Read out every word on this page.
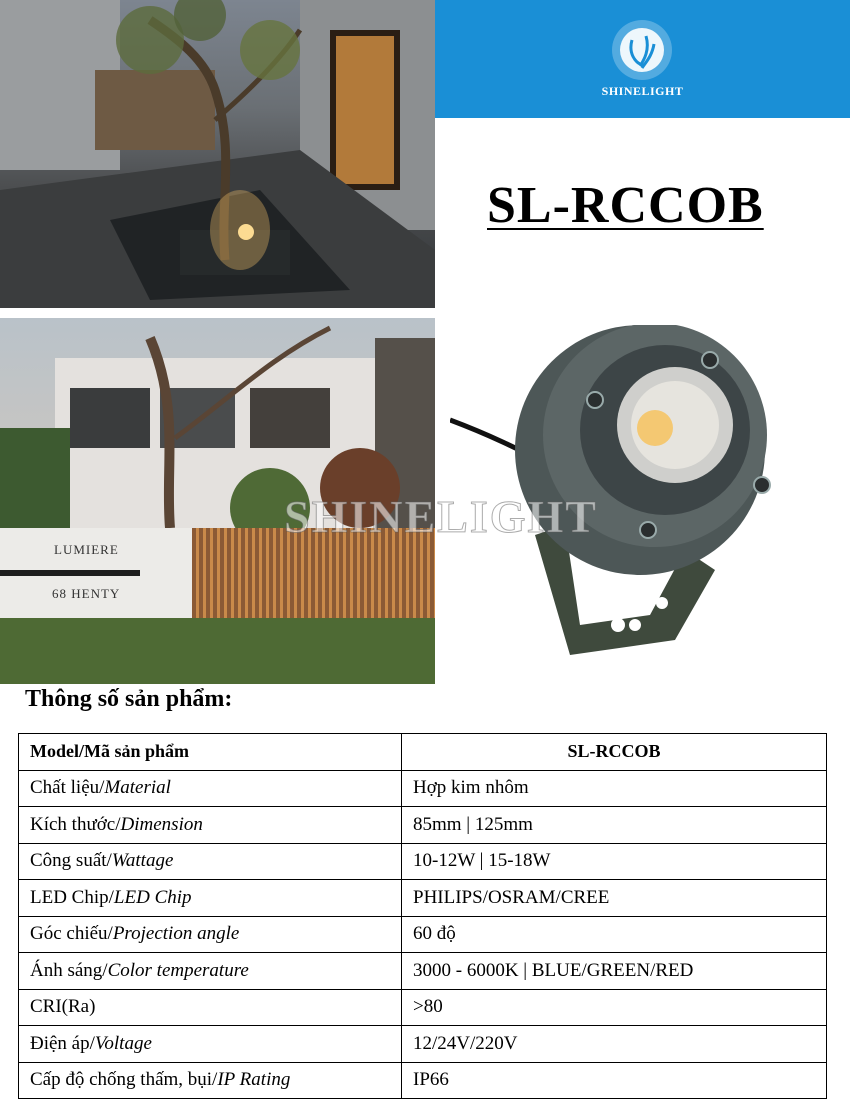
LUMIERE
68 HENTY
SHINELIGHT
SL-RCCOB
SHINELIGHT
Thông số sản phẩm:
Model/Mã sản phẩm	SL-RCCOB
Chất liệu/Material	Hợp kim nhôm
Kích thước/Dimension	85mm | 125mm
Công suất/Wattage	10-12W | 15-18W
LED Chip/LED Chip	PHILIPS/OSRAM/CREE
Góc chiếu/Projection angle	60 độ
Ánh sáng/Color temperature	3000 - 6000K | BLUE/GREEN/RED
CRI(Ra)	>80
Điện áp/Voltage	12/24V/220V
Cấp độ chống thấm, bụi/IP Rating	IP66
